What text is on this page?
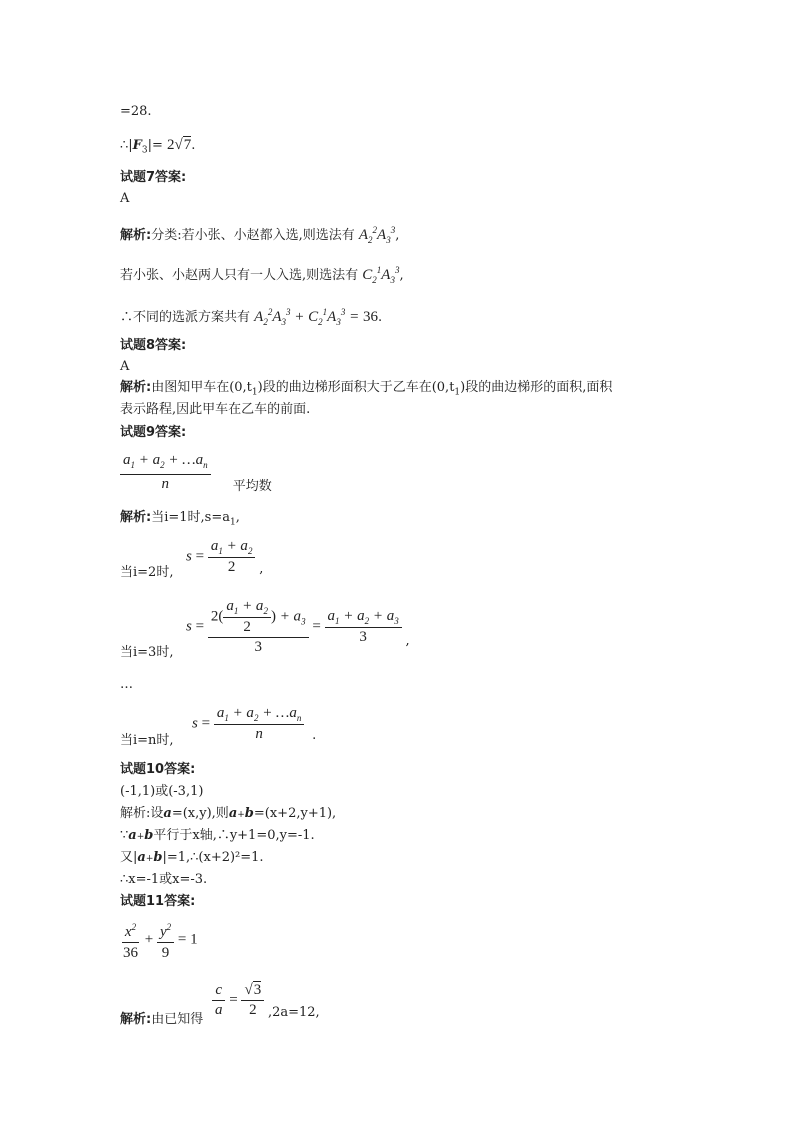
=28.
$\therefore|F_3|= 2√7$.
试题7答案:
A
解析:分类:若小张、小赵都入选,则选法有 $A_2^2A_3^3$,
若小张、小赵两人只有一人入选,则选法有 $C_2^1A_3^3$,
∴不同的选派方案共有 $A_2^2A_3^3 + C_2^1A_3^3 = 36$.
试题8答案:
A
解析:由图知甲车在$(0,t_1)$段的曲边梯形面积大于乙车在$(0,t_1)$段的曲边梯形的面积,面积
表示路程,因此甲车在乙车的前面.
试题9答案:
$\frac{a_1 + a_2 + \dots a_n}{n}$ 平均数
解析:当i=1时$,s=a_1$,
当i=2时,
$s = \frac{a_1 + a_2}{2}$ ,
当i=3时,
$s = \frac{2( \frac{a_1 + a_2}{2} ) + a_3}{3} = \frac{a_1 + a_2 + a_3}{3}$ ,
…
当i=n时,
$s = \frac{a_1 + a_2 + \dots a_n}{n}$ .
试题10答案:
(-1,1)或(-3,1)
解析:设a=(x,y),则a+b=(x+2,y+1),
∵a+b平行于x轴,∴y+1=0,y=-1.
又|a+b|=1,∴(x+2)²=1.
∴x=-1或x=-3.
试题11答案:
$\frac{x^2}{36} + \frac{y^2}{9} = 1$
解析:由已知得
$\frac{c}{a} = \frac{√3}{2} ,2a=12$,
